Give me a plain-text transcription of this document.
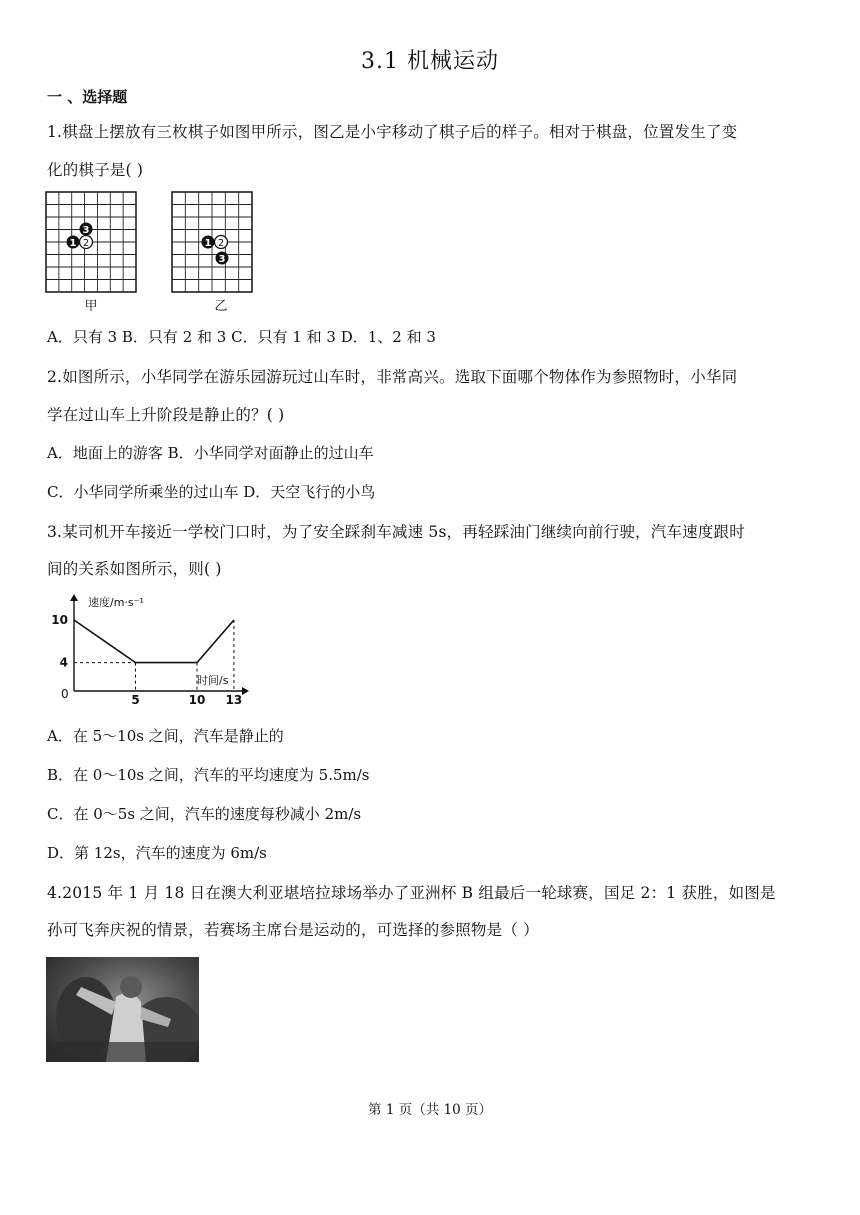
3.1 机械运动
一 、选择题
1.棋盘上摆放有三枚棋子如图甲所示，图乙是小宇移动了棋子后的样子。相对于棋盘，位置发生了变
化的棋子是( )
3
1 2
甲
1 2
3
乙
A．只有 3 B．只有 2 和 3 C．只有 1 和 3 D．1、2 和 3
2.如图所示，小华同学在游乐园游玩过山车时，非常高兴。选取下面哪个物体作为参照物时，小华同
学在过山车上升阶段是静止的？( )
A．地面上的游客 B．小华同学对面静止的过山车
C．小华同学所乘坐的过山车 D．天空飞行的小鸟
3.某司机开车接近一学校门口时，为了安全踩刹车减速 5s，再轻踩油门继续向前行驶，汽车速度跟时
间的关系如图所示，则( )
5	10 13
4
10
速度/m·s⁻¹
时间/s
0
A．在 5～10s 之间，汽车是静止的
B．在 0～10s 之间，汽车的平均速度为 5.5m/s
C．在 0～5s 之间，汽车的速度每秒减小 2m/s
D．第 12s，汽车的速度为 6m/s
4.2015 年 1 月 18 日在澳大利亚堪培拉球场举办了亚洲杯 B 组最后一轮球赛，国足 2：1 获胜，如图是
孙可飞奔庆祝的情景，若赛场主席台是运动的，可选择的参照物是（ ）
第 1 页（共 10 页）
